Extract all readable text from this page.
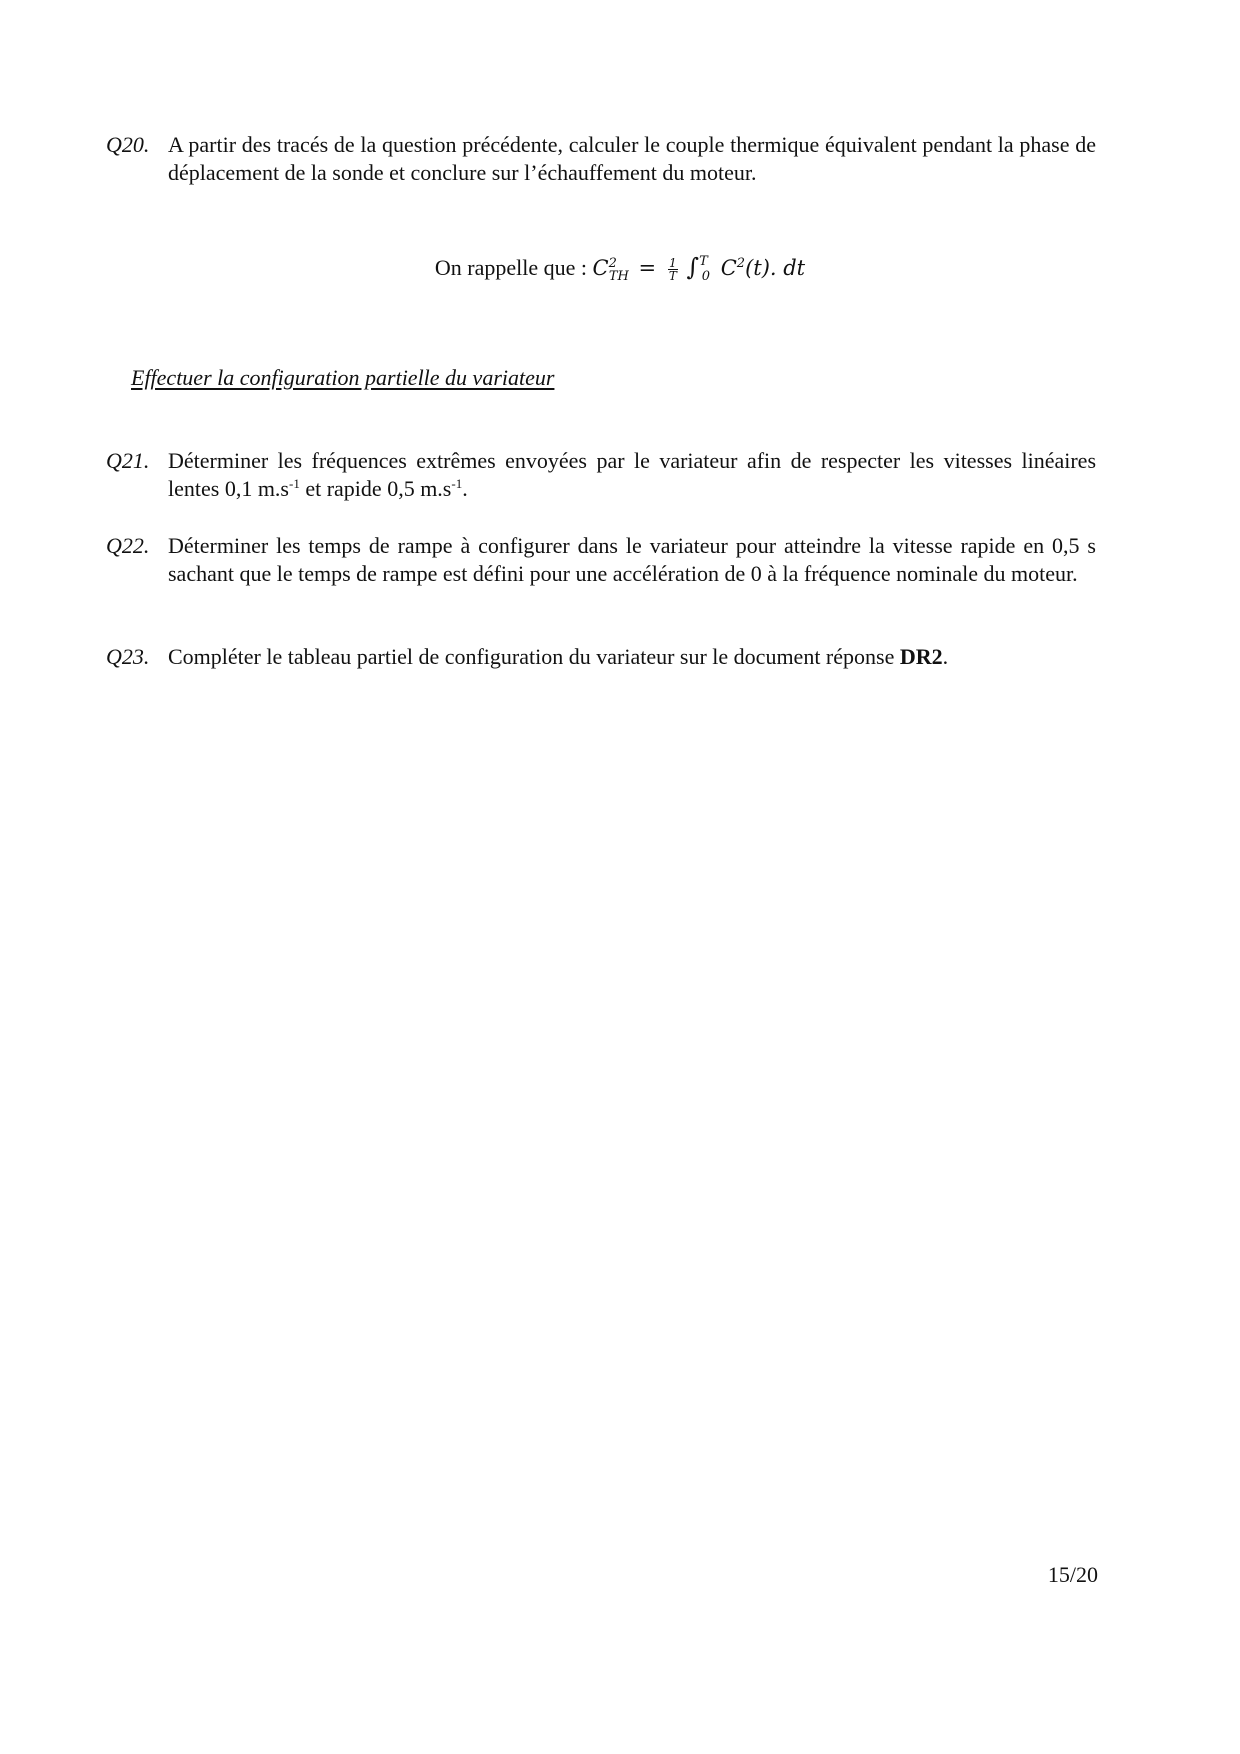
Q20. A partir des tracés de la question précédente, calculer le couple thermique équivalent pendant la phase de déplacement de la sonde et conclure sur l’échauffement du moteur.
On rappelle que : $C^2_{TH} = \frac{1}{T} \int^T_0$ $C^2(t)$. dt
Effectuer la configuration partielle du variateur
Q21. Déterminer les fréquences extrêmes envoyées par le variateur afin de respecter les vitesses linéaires lentes 0,1 $m.s^{-1}$ et rapide 0,5 $m.s^{-1}$.
Q22. Déterminer les temps de rampe à configurer dans le variateur pour atteindre la vitesse rapide en 0,5 s sachant que le temps de rampe est défini pour une accélération de 0 à la fréquence nominale du moteur.
Q23. Compléter le tableau partiel de configuration du variateur sur le document réponse DR2.
15/20
